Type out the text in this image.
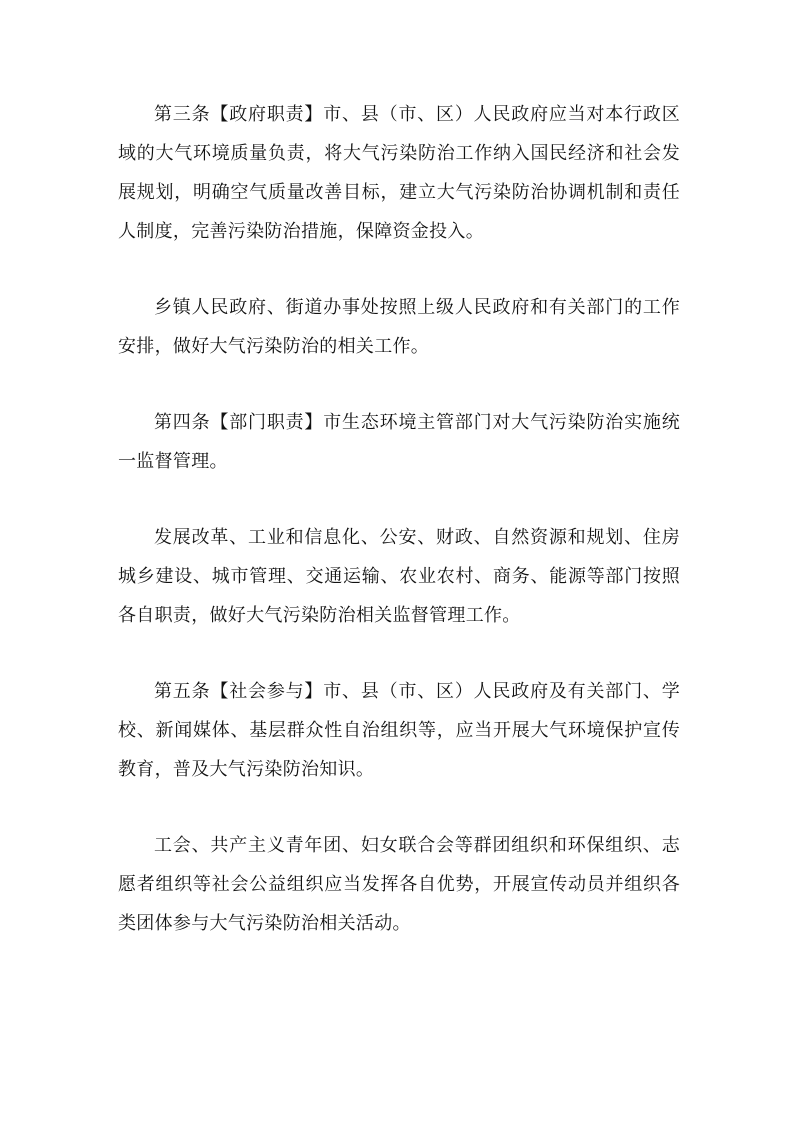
第三条【政府职责】市、县（市、区）人民政府应当对本行政区域的大气环境质量负责，将大气污染防治工作纳入国民经济和社会发展规划，明确空气质量改善目标，建立大气污染防治协调机制和责任人制度，完善污染防治措施，保障资金投入。

乡镇人民政府、街道办事处按照上级人民政府和有关部门的工作安排，做好大气污染防治的相关工作。

第四条【部门职责】市生态环境主管部门对大气污染防治实施统一监督管理。

发展改革、工业和信息化、公安、财政、自然资源和规划、住房城乡建设、城市管理、交通运输、农业农村、商务、能源等部门按照各自职责，做好大气污染防治相关监督管理工作。

第五条【社会参与】市、县（市、区）人民政府及有关部门、学校、新闻媒体、基层群众性自治组织等，应当开展大气环境保护宣传教育，普及大气污染防治知识。

工会、共产主义青年团、妇女联合会等群团组织和环保组织、志愿者组织等社会公益组织应当发挥各自优势，开展宣传动员并组织各类团体参与大气污染防治相关活动。
